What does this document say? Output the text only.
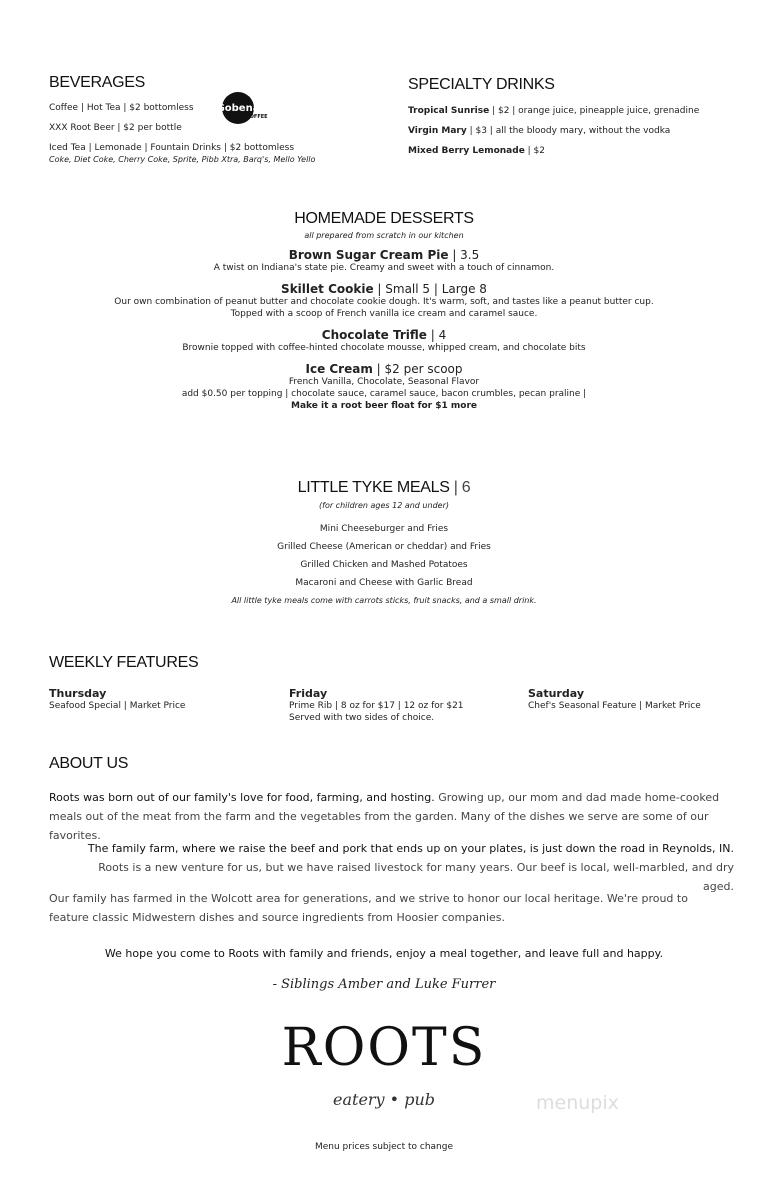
BEVERAGES
Coffee | Hot Tea | $2 bottomless
XXX Root Beer | $2 per bottle
Iced Tea | Lemonade | Fountain Drinks | $2 bottomless
Coke, Diet Coke, Cherry Coke, Sprite, Pibb Xtra, Barq's, Mello Yello
Gobena
COFFEE
SPECIALTY DRINKS
Tropical Sunrise | $2 | orange juice, pineapple juice, grenadine
Virgin Mary | $3 | all the bloody mary, without the vodka
Mixed Berry Lemonade | $2
HOMEMADE DESSERTS
all prepared from scratch in our kitchen
Brown Sugar Cream Pie | 3.5
A twist on Indiana's state pie. Creamy and sweet with a touch of cinnamon.
Skillet Cookie | Small 5 | Large 8
Our own combination of peanut butter and chocolate cookie dough. It's warm, soft, and tastes like a peanut butter cup.
Topped with a scoop of French vanilla ice cream and caramel sauce.
Chocolate Trifle | 4
Brownie topped with coffee-hinted chocolate mousse, whipped cream, and chocolate bits
Ice Cream | $2 per scoop
French Vanilla, Chocolate, Seasonal Flavor
add $0.50 per topping | chocolate sauce, caramel sauce, bacon crumbles, pecan praline |
Make it a root beer float for $1 more
LITTLE TYKE MEALS | 6
(for children ages 12 and under)
Mini Cheeseburger and Fries
Grilled Cheese (American or cheddar) and Fries
Grilled Chicken and Mashed Potatoes
Macaroni and Cheese with Garlic Bread
All little tyke meals come with carrots sticks, fruit snacks, and a small drink.
WEEKLY FEATURES
Thursday
Seafood Special | Market Price
Friday
Prime Rib | 8 oz for $17 | 12 oz for $21
Served with two sides of choice.
Saturday
Chef's Seasonal Feature | Market Price
ABOUT US
Roots was born out of our family's love for food, farming, and hosting. Growing up, our mom and dad made home-cooked meals out of the meat from the farm and the vegetables from the garden. Many of the dishes we serve are some of our favorites.
The family farm, where we raise the beef and pork that ends up on your plates, is just down the road in Reynolds, IN. Roots is a new venture for us, but we have raised livestock for many years. Our beef is local, well-marbled, and dry aged.
Our family has farmed in the Wolcott area for generations, and we strive to honor our local heritage. We're proud to feature classic Midwestern dishes and source ingredients from Hoosier companies.
We hope you come to Roots with family and friends, enjoy a meal together, and leave full and happy.
- Siblings Amber and Luke Furrer
ROOTS
eatery • pub	menupix
Menu prices subject to change
